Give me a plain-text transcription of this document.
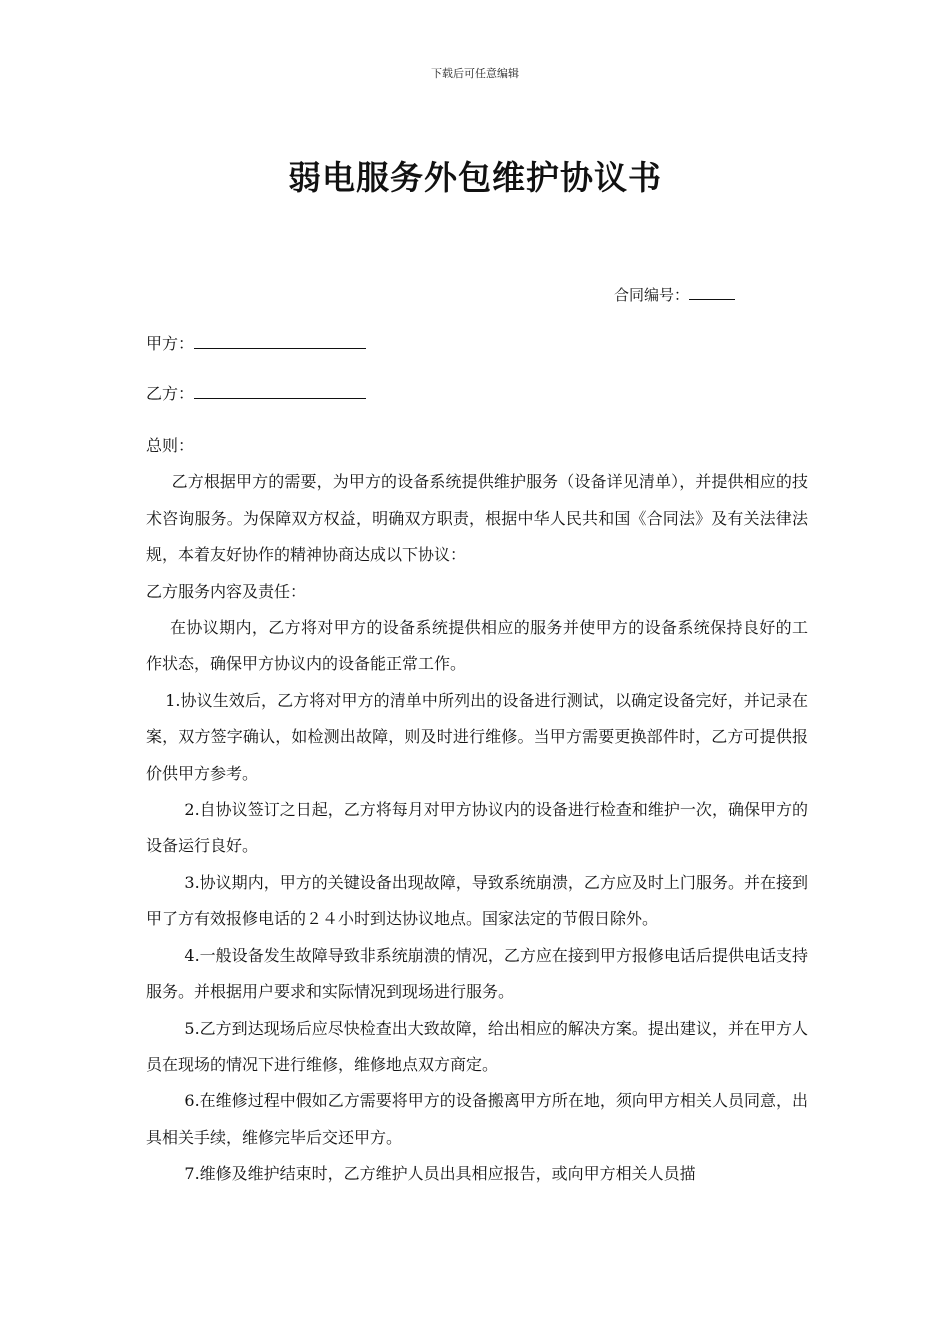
下载后可任意编辑
弱电服务外包维护协议书
合同编号：
甲方：
乙方：

总则：

乙方根据甲方的需要，为甲方的设备系统提供维护服务（设备详见清单），并提供相应的技术咨询服务。为保障双方权益，明确双方职责，根据中华人民共和国《合同法》及有关法律法规，本着友好协作的精神协商达成以下协议：

乙方服务内容及责任：

在协议期内，乙方将对甲方的设备系统提供相应的服务并使甲方的设备系统保持良好的工作状态，确保甲方协议内的设备能正常工作。

1.协议生效后，乙方将对甲方的清单中所列出的设备进行测试，以确定设备完好，并记录在案，双方签字确认，如检测出故障，则及时进行维修。当甲方需要更换部件时，乙方可提供报价供甲方参考。

2.自协议签订之日起，乙方将每月对甲方协议内的设备进行检查和维护一次，确保甲方的设备运行良好。

3.协议期内，甲方的关键设备出现故障，导致系统崩溃，乙方应及时上门服务。并在接到甲了方有效报修电话的２４小时到达协议地点。国家法定的节假日除外。

4.一般设备发生故障导致非系统崩溃的情况，乙方应在接到甲方报修电话后提供电话支持服务。并根据用户要求和实际情况到现场进行服务。

5.乙方到达现场后应尽快检查出大致故障，给出相应的解决方案。提出建议，并在甲方人员在现场的情况下进行维修，维修地点双方商定。

6.在维修过程中假如乙方需要将甲方的设备搬离甲方所在地，须向甲方相关人员同意，出具相关手续，维修完毕后交还甲方。

7.维修及维护结束时，乙方维护人员出具相应报告，或向甲方相关人员描
